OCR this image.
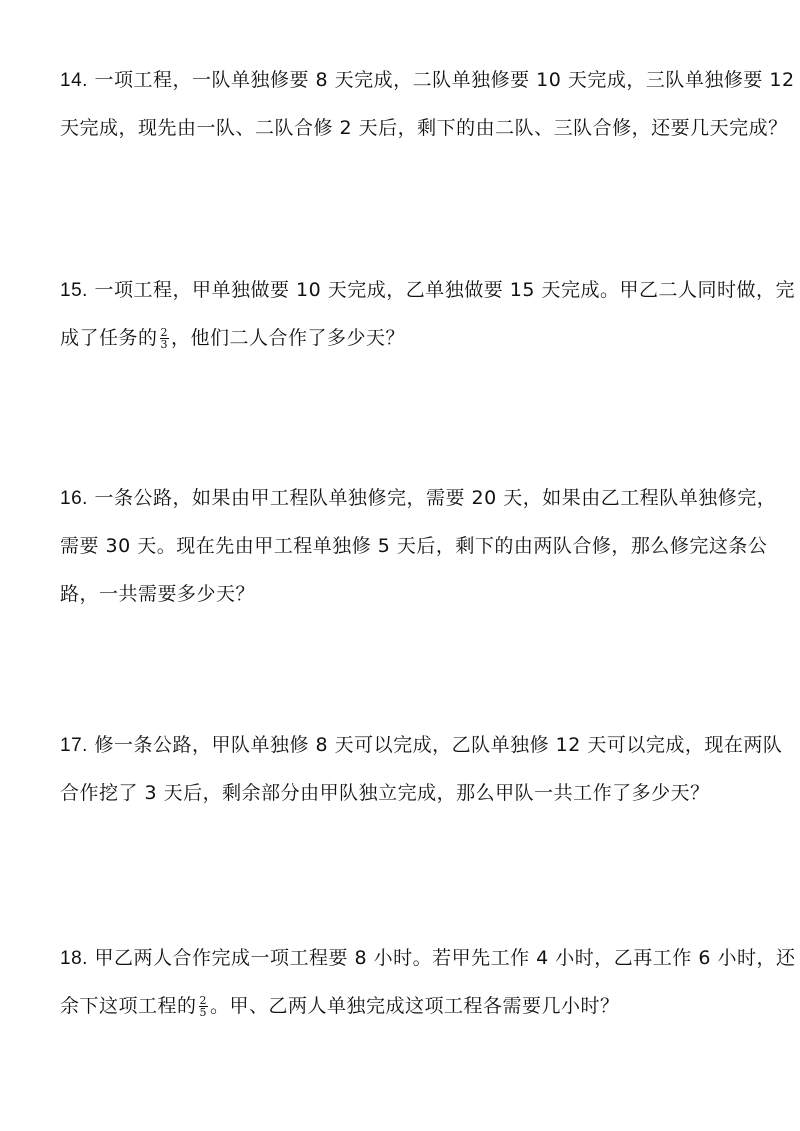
14. 一项工程，一队单独修要 8 天完成，二队单独修要 10 天完成，三队单独修要 12
天完成，现先由一队、二队合修 2 天后，剩下的由二队、三队合修，还要几天完成？
15. 一项工程，甲单独做要 10 天完成，乙单独做要 15 天完成。甲乙二人同时做，完
成了任务的 $\frac{2}{3}$ ，他们二人合作了多少天？
16. 一条公路，如果由甲工程队单独修完，需要 20 天，如果由乙工程队单独修完，
需要 30 天。现在先由甲工程单独修 5 天后，剩下的由两队合修，那么修完这条公
路，一共需要多少天？
17. 修一条公路，甲队单独修 8 天可以完成，乙队单独修 12 天可以完成，现在两队
合作挖了 3 天后，剩余部分由甲队独立完成，那么甲队一共工作了多少天？
18. 甲乙两人合作完成一项工程要 8 小时。若甲先工作 4 小时，乙再工作 6 小时，还
余下这项工程的 $\frac{2}{5}$ 。甲、乙两人单独完成这项工程各需要几小时？
